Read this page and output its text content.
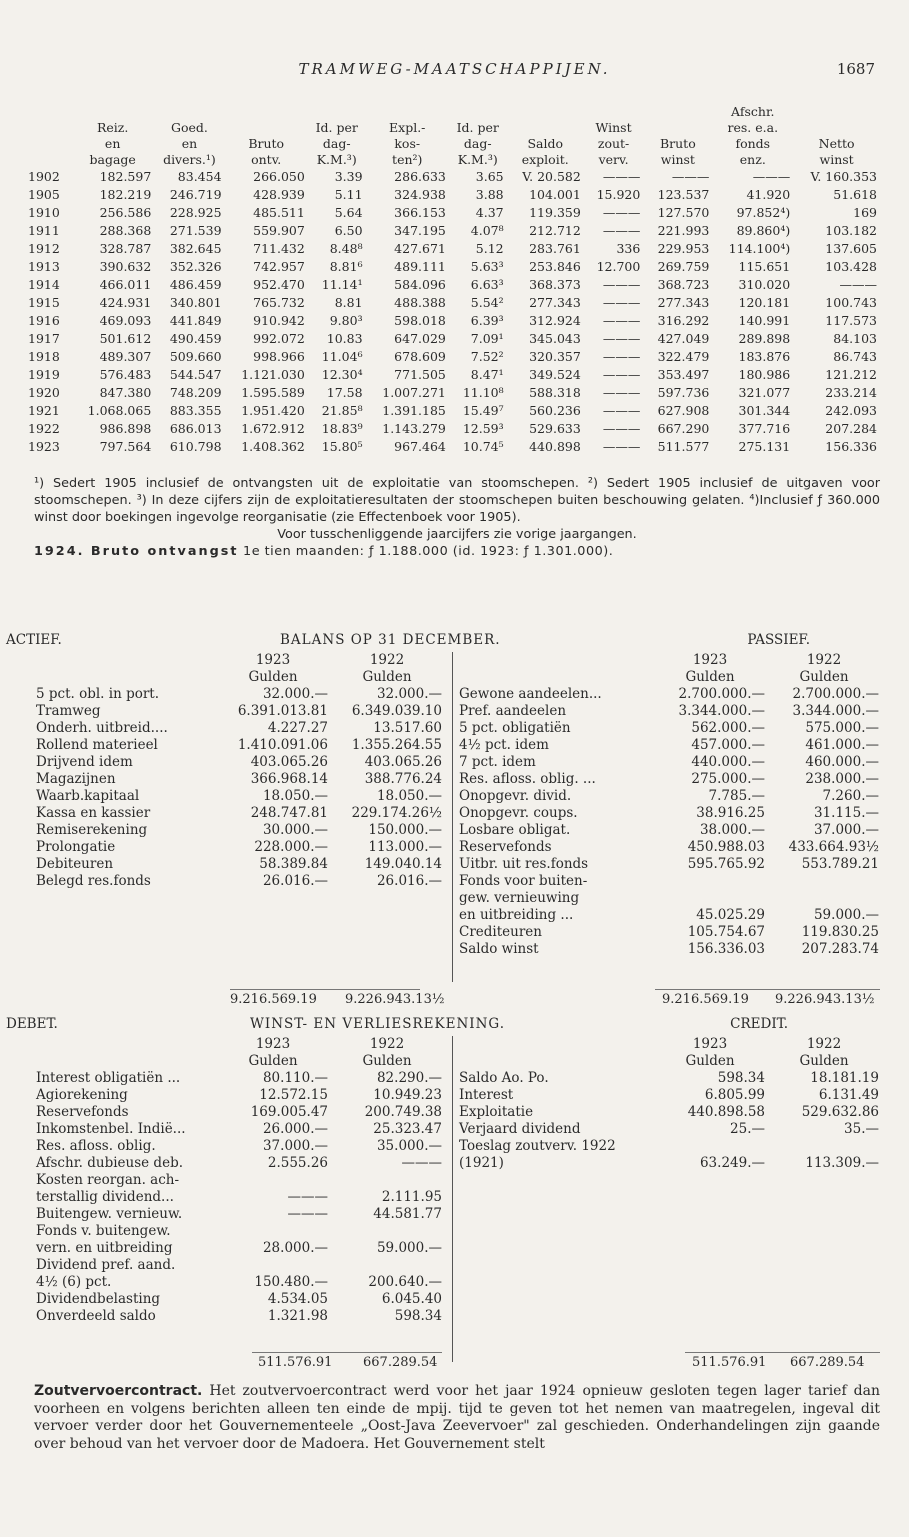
TRAMWEG-MAATSCHAPPIJEN.	1687
										Afschr.	
	Reiz.	Goed.		Id. per	Expl.-	Id. per		Winst		res. e.a.	
	en	en	Bruto	dag-	kos-	dag-	Saldo	zout-	Bruto	fonds	Netto
	bagage	divers.¹)	ontv.	K.M.³)	ten²)	K.M.³)	exploit.	verv.	winst	enz.	winst
1902	182.597	83.454	266.050	3.39	286.633	3.65	V. 20.582	———	———	———	V. 160.353
1905	182.219	246.719	428.939	5.11	324.938	3.88	104.001	15.920	123.537	41.920	51.618
1910	256.586	228.925	485.511	5.64	366.153	4.37	119.359	———	127.570	97.852⁴)	169
1911	288.368	271.539	559.907	6.50	347.195	4.07⁸	212.712	———	221.993	89.860⁴)	103.182
1912	328.787	382.645	711.432	8.48⁸	427.671	5.12	283.761	336	229.953	114.100⁴)	137.605
1913	390.632	352.326	742.957	8.81⁶	489.111	5.63³	253.846	12.700	269.759	115.651	103.428
1914	466.011	486.459	952.470	11.14¹	584.096	6.63³	368.373	———	368.723	310.020	———
1915	424.931	340.801	765.732	8.81	488.388	5.54²	277.343	———	277.343	120.181	100.743
1916	469.093	441.849	910.942	9.80³	598.018	6.39³	312.924	———	316.292	140.991	117.573
1917	501.612	490.459	992.072	10.83	647.029	7.09¹	345.043	———	427.049	289.898	84.103
1918	489.307	509.660	998.966	11.04⁶	678.609	7.52²	320.357	———	322.479	183.876	86.743
1919	576.483	544.547	1.121.030	12.30⁴	771.505	8.47¹	349.524	———	353.497	180.986	121.212
1920	847.380	748.209	1.595.589	17.58	1.007.271	11.10⁸	588.318	———	597.736	321.077	233.214
1921	1.068.065	883.355	1.951.420	21.85⁸	1.391.185	15.49⁷	560.236	———	627.908	301.344	242.093
1922	986.898	686.013	1.672.912	18.83⁹	1.143.279	12.59³	529.633	———	667.290	377.716	207.284
1923	797.564	610.798	1.408.362	15.80⁵	967.464	10.74⁵	440.898	———	511.577	275.131	156.336

¹) Sedert 1905 inclusief de ontvangsten uit de exploitatie van stoomschepen. ²) Sedert 1905 inclusief de uitgaven voor stoomschepen. ³) In deze cijfers zijn de exploitatieresultaten der stoomschepen buiten beschouwing gelaten. ⁴)Inclusief ƒ 360.000 winst door boekingen ingevolge reorganisatie (zie Effectenboek voor 1905).

Voor tusschenliggende jaarcijfers zie vorige jaargangen.

1924. Bruto ontvangst 1e tien maanden: ƒ 1.188.000 (id. 1923: ƒ 1.301.000).

ACTIEF.	BALANS OP 31 DECEMBER.	PASSIEF.
	1923	1922
	Gulden	Gulden
5 pct. obl. in port.	32.000.—	32.000.—
Tramweg	6.391.013.81	6.349.039.10
Onderh. uitbreid....	4.227.27	13.517.60
Rollend materieel	1.410.091.06	1.355.264.55
Drijvend idem	403.065.26	403.065.26
Magazijnen	366.968.14	388.776.24
Waarb.kapitaal	18.050.—	18.050.—
Kassa en kassier	248.747.81	229.174.26½
Remiserekening	30.000.—	150.000.—
Prolongatie	228.000.—	113.000.—
Debiteuren	58.389.84	149.040.14
Belegd res.fonds	26.016.—	26.016.—
	1923	1922
	Gulden	Gulden
Gewone aandeelen...	2.700.000.—	2.700.000.—
Pref. aandeelen	3.344.000.—	3.344.000.—
5 pct. obligatiën	562.000.—	575.000.—
4½ pct. idem	457.000.—	461.000.—
7 pct. idem	440.000.—	460.000.—
Res. afloss. oblig. ...	275.000.—	238.000.—
Onopgevr. divid.	7.785.—	7.260.—
Onopgevr. coups.	38.916.25	31.115.—
Losbare obligat.	38.000.—	37.000.—
Reservefonds	450.988.03	433.664.93½
Uitbr. uit res.fonds	595.765.92	553.789.21
Fonds voor buiten-		
gew. vernieuwing		
en uitbreiding ...	45.025.29	59.000.—
Crediteuren	105.754.67	119.830.25
Saldo winst	156.336.03	207.283.74
9.216.569.19 9.226.943.13½	9.216.569.19 9.226.943.13½
DEBET.	WINST- EN VERLIESREKENING.	CREDIT.
	1923	1922
	Gulden	Gulden
Interest obligatiën ...	80.110.—	82.290.—
Agiorekening	12.572.15	10.949.23
Reservefonds	169.005.47	200.749.38
Inkomstenbel. Indië...	26.000.—	25.323.47
Res. afloss. oblig.	37.000.—	35.000.—
Afschr. dubieuse deb.	2.555.26	———
Kosten reorgan. ach-		
terstallig dividend...	———	2.111.95
Buitengew. vernieuw.	———	44.581.77
Fonds v. buitengew.		
vern. en uitbreiding	28.000.—	59.000.—
Dividend pref. aand.		
4½ (6) pct.	150.480.—	200.640.—
Dividendbelasting	4.534.05	6.045.40
Onverdeeld saldo	1.321.98	598.34
	1923	1922
	Gulden	Gulden
Saldo Ao. Po.	598.34	18.181.19
Interest	6.805.99	6.131.49
Exploitatie	440.898.58	529.632.86
Verjaard dividend	25.—	35.—
Toeslag zoutverv. 1922		
(1921)	63.249.—	113.309.—
511.576.91 667.289.54	511.576.91 667.289.54
Zoutvervoercontract. Het zoutvervoercontract werd voor het jaar 1924 opnieuw gesloten tegen lager tarief dan voorheen en volgens berichten alleen ten einde de mpij. tijd te geven tot het nemen van maatregelen, ingeval dit vervoer verder door het Gouvernementeele „Oost-Java Zeevervoer" zal geschieden. Onderhandelingen zijn gaande over behoud van het vervoer door de Madoera. Het Gouvernement stelt
